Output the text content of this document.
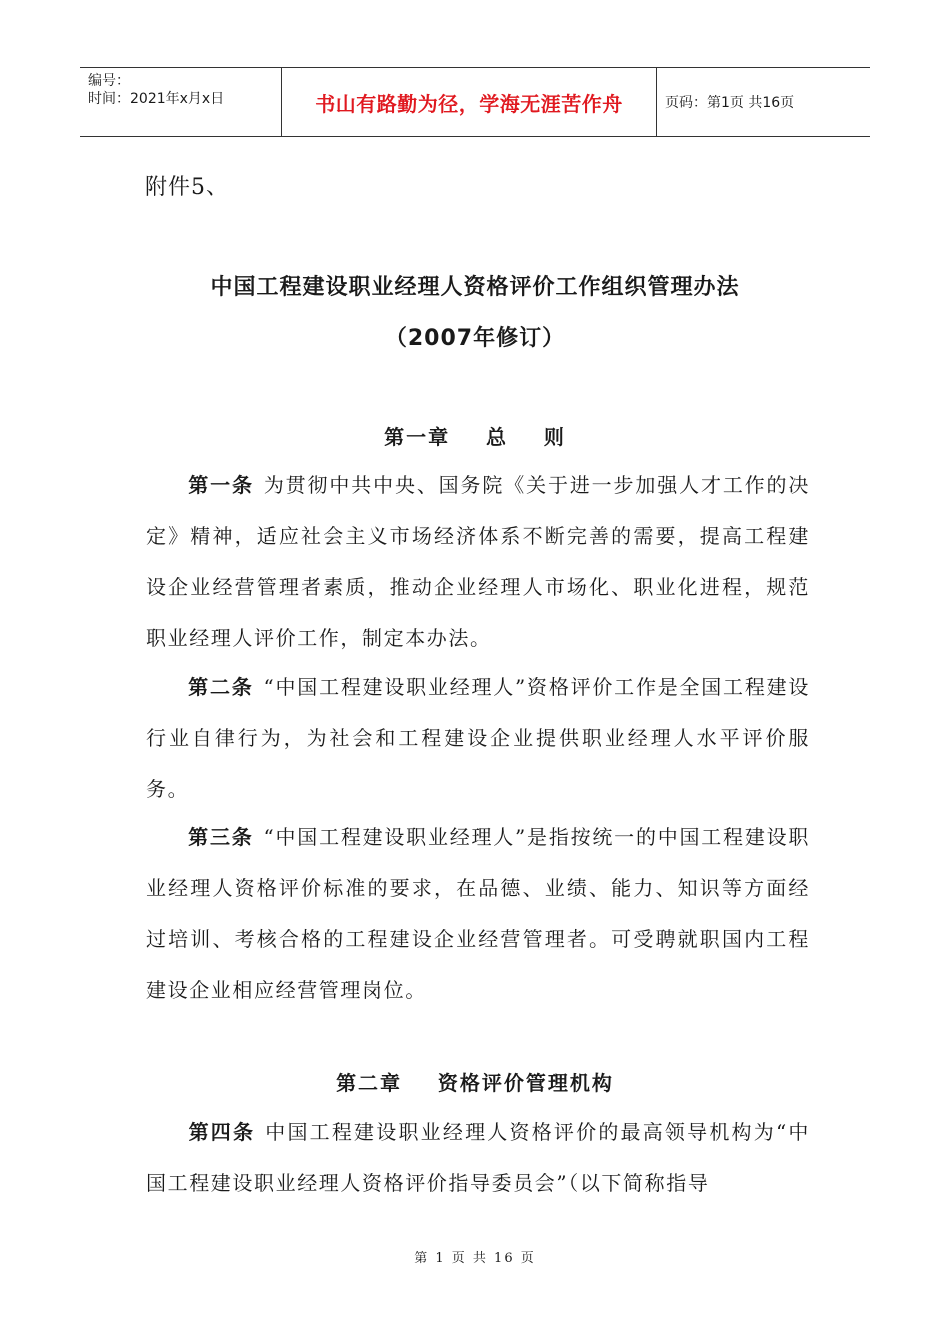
编号：
时间：2021年x月x日	书山有路勤为径，学海无涯苦作舟	页码：第1页 共16页
附件5、
中国工程建设职业经理人资格评价工作组织管理办法
（2007年修订）
第一章    总    则
第一条 为贯彻中共中央、国务院《关于进一步加强人才工作的决定》精神，适应社会主义市场经济体系不断完善的需要，提高工程建设企业经营管理者素质，推动企业经理人市场化、职业化进程，规范职业经理人评价工作，制定本办法。
第二条 “中国工程建设职业经理人”资格评价工作是全国工程建设行业自律行为，为社会和工程建设企业提供职业经理人水平评价服务。
第三条 “中国工程建设职业经理人”是指按统一的中国工程建设职业经理人资格评价标准的要求，在品德、业绩、能力、知识等方面经过培训、考核合格的工程建设企业经营管理者。可受聘就职国内工程建设企业相应经营管理岗位。
第二章    资格评价管理机构
第四条 中国工程建设职业经理人资格评价的最高领导机构为“中国工程建设职业经理人资格评价指导委员会”（以下简称指导
第 1 页 共 16 页
